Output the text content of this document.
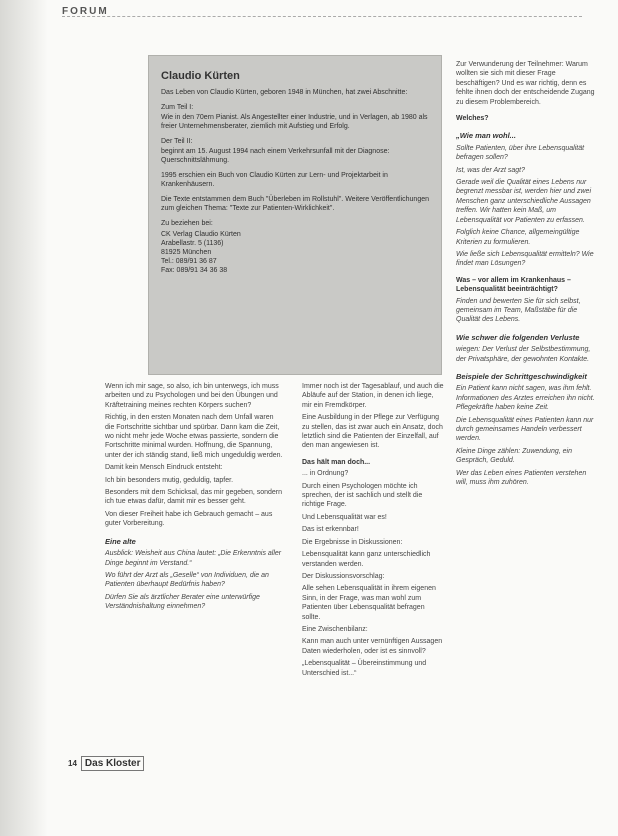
FORUM
Claudio Kürten

Das Leben von Claudio Kürten, geboren 1948 in München, hat zwei Abschnitte:

Zum Teil I:

Wie in den 70ern Pianist. Als Angestellter einer Industrie, und in Verlagen, ab 1980 als freier Unternehmensberater, ziemlich mit Aufstieg und Erfolg.

Der Teil II:

beginnt am 15. August 1994 nach einem Verkehrsunfall mit der Diagnose: Querschnittslähmung.

1995 erschien ein Buch von Claudio Kürten zur Lern- und Projektarbeit in Krankenhäusern.

Die Texte entstammen dem Buch "Überleben im Rollstuhl". Weitere Veröffentlichungen zum gleichen Thema: "Texte zur Patienten-Wirklichkeit".

Zu beziehen bei:

CK Verlag Claudio Kürten

Arabellastr. 5 (1136)

81925 München

Tel.: 089/91 36 87

Fax: 089/91 34 36 38

Wenn ich mir sage, so also, ich bin unterwegs, ich muss arbeiten und zu Psychologen und bei den Übungen und Kräftetraining meines rechten Körpers suchen?

Richtig, in den ersten Monaten nach dem Unfall waren die Fortschritte sichtbar und spürbar. Dann kam die Zeit, wo nicht mehr jede Woche etwas passierte, sondern die Fortschritte minimal wurden. Hoffnung, die Spannung, unter der ich ständig stand, ließ mich ungeduldig werden.

Damit kein Mensch Eindruck entsteht:

Ich bin besonders mutig, geduldig, tapfer.

Besonders mit dem Schicksal, das mir gegeben, sondern ich tue etwas dafür, damit mir es besser geht.

Von dieser Freiheit habe ich Gebrauch gemacht – aus guter Vorbereitung.

Eine alte

Ausblick: Weisheit aus China lautet: „Die Erkenntnis aller Dinge beginnt im Verstand.“

Wo führt der Arzt als „Geselle“ von Individuen, die an Patienten überhaupt Bedürfnis haben?

Dürfen Sie als ärztlicher Berater eine unterwürfige Verständnishaltung einnehmen?

Immer noch ist der Tagesablauf, und auch die Abläufe auf der Station, in denen ich liege, mir ein Fremdkörper.

Eine Ausbildung in der Pflege zur Verfügung zu stellen, das ist zwar auch ein Ansatz, doch letztlich sind die Patienten der Einzelfall, auf den man angewiesen ist.

Das hält man doch...

... in Ordnung?

Durch einen Psychologen möchte ich sprechen, der ist sachlich und stellt die richtige Frage.

Und Lebensqualität war es!

Das ist erkennbar!

Die Ergebnisse in Diskussionen:

Lebensqualität kann ganz unterschiedlich verstanden werden.

Der Diskussionsvorschlag:

Alle sehen Lebensqualität in ihrem eigenen Sinn, in der Frage, was man wohl zum Patienten über Lebensqualität befragen sollte.

Eine Zwischenbilanz:

Kann man auch unter vernünftigen Aussagen Daten wiederholen, oder ist es sinnvoll?

„Lebensqualität – Übereinstimmung und Unterschied ist...“

Zur Verwunderung der Teilnehmer: Warum wollten sie sich mit dieser Frage beschäftigen? Und es war richtig, denn es fehlte ihnen doch der entscheidende Zugang zu diesem Problembereich.

Welches?
„Wie man wohl...

Sollte Patienten, über ihre Lebensqualität befragen sollen?

Ist, was der Arzt sagt?

Gerade weil die Qualität eines Lebens nur begrenzt messbar ist, werden hier und zwei Menschen ganz unterschiedliche Aussagen treffen. Wir hatten kein Maß, um Lebensqualität vor Patienten zu erfassen.

Folglich keine Chance, allgemeingültige Kriterien zu formulieren.

Wie ließe sich Lebensqualität ermitteln? Wie findet man Lösungen?

Was – vor allem im Krankenhaus – Lebensqualität beeinträchtigt?

Finden und bewerten Sie für sich selbst, gemeinsam im Team, Maßstäbe für die Qualität des Lebens.

Wie schwer die folgenden Verluste

wiegen: Der Verlust der Selbstbestimmung, der Privatsphäre, der gewohnten Kontakte.

Beispiele der Schrittgeschwindigkeit

Ein Patient kann nicht sagen, was ihm fehlt. Informationen des Arztes erreichen ihn nicht. Pflegekräfte haben keine Zeit.

Die Lebensqualität eines Patienten kann nur durch gemeinsames Handeln verbessert werden.

Kleine Dinge zählen: Zuwendung, ein Gespräch, Geduld.

Wer das Leben eines Patienten verstehen will, muss ihm zuhören.

14 Das Kloster
